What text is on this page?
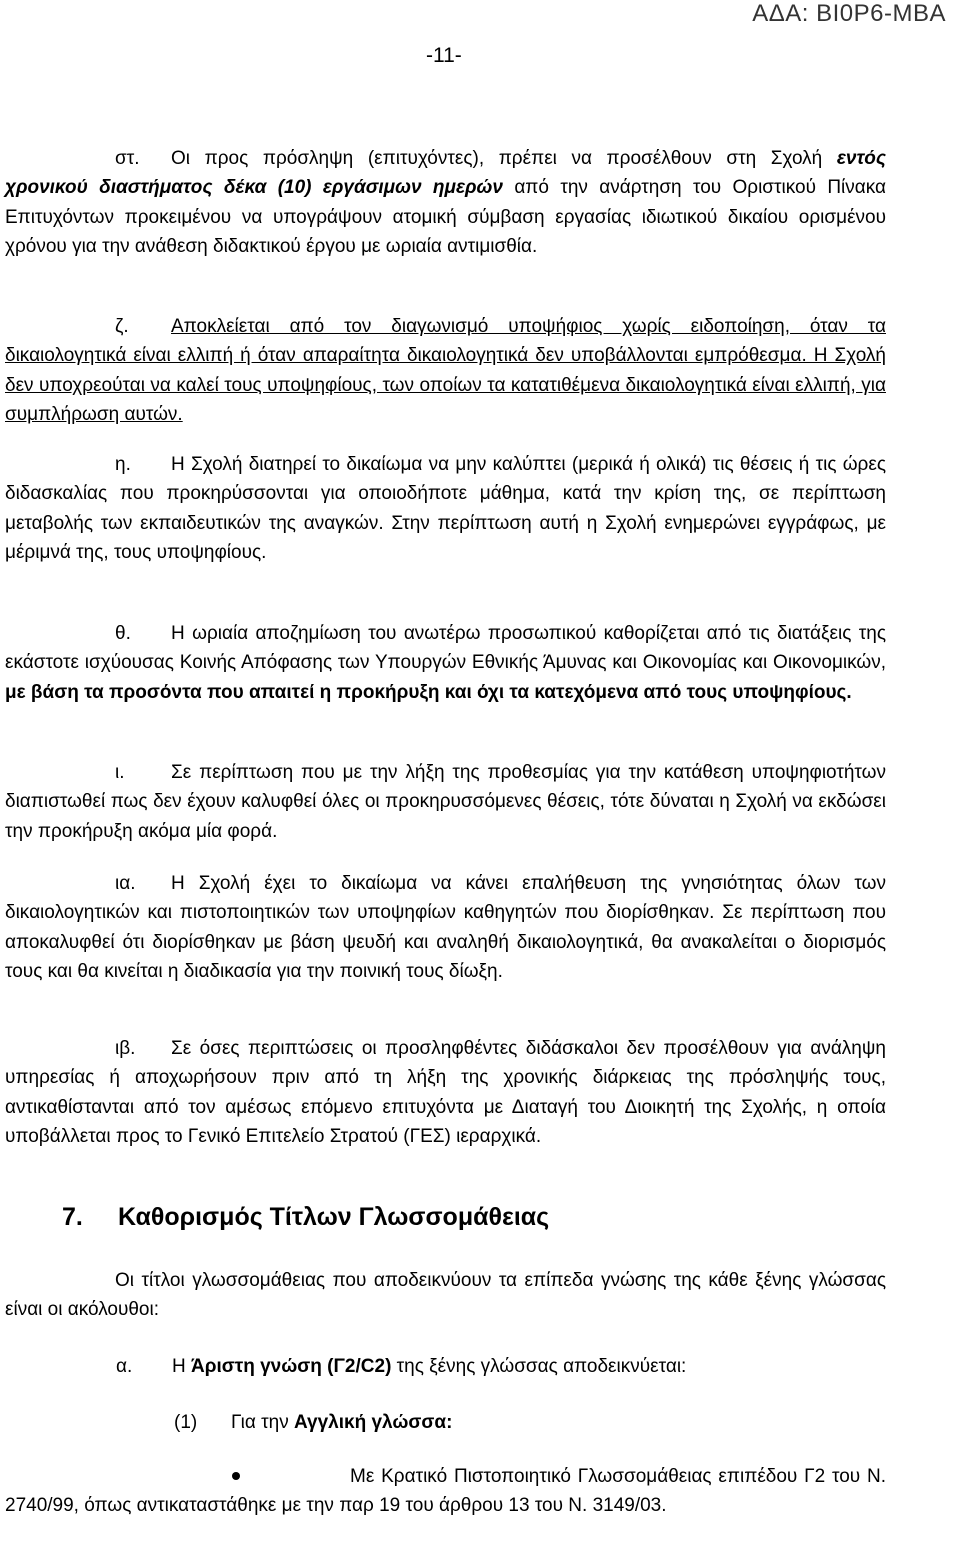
ΑΔΑ: ΒΙ0Ρ6-ΜΒΑ
-11-

στ. Οι προς πρόσληψη (επιτυχόντες), πρέπει να προσέλθουν στη Σχολή εντός χρονικού διαστήματος δέκα (10) εργάσιμων ημερών από την ανάρτηση του Οριστικού Πίνακα Επιτυχόντων προκειμένου να υπογράψουν ατομική σύμβαση εργασίας ιδιωτικού δικαίου ορισμένου χρόνου για την ανάθεση διδακτικού έργου με ωριαία αντιμισθία.

ζ. Αποκλείεται από τον διαγωνισμό υποψήφιος χωρίς ειδοποίηση, όταν τα δικαιολογητικά είναι ελλιπή ή όταν απαραίτητα δικαιολογητικά δεν υποβάλλονται εμπρόθεσμα. Η Σχολή δεν υποχρεούται να καλεί τους υποψηφίους, των οποίων τα κατατιθέμενα δικαιολογητικά είναι ελλιπή, για συμπλήρωση αυτών.

η. Η Σχολή διατηρεί το δικαίωμα να μην καλύπτει (μερικά ή ολικά) τις θέσεις ή τις ώρες διδασκαλίας που προκηρύσσονται για οποιοδήποτε μάθημα, κατά την κρίση της, σε περίπτωση μεταβολής των εκπαιδευτικών της αναγκών. Στην περίπτωση αυτή η Σχολή ενημερώνει εγγράφως, με μέριμνά της, τους υποψηφίους.

θ. Η ωριαία αποζημίωση του ανωτέρω προσωπικού καθορίζεται από τις διατάξεις της εκάστοτε ισχύουσας Κοινής Απόφασης των Υπουργών Εθνικής Άμυνας και Οικονομίας και Οικονομικών, με βάση τα προσόντα που απαιτεί η προκήρυξη και όχι τα κατεχόμενα από τους υποψηφίους.

ι. Σε περίπτωση που με την λήξη της προθεσμίας για την κατάθεση υποψηφιοτήτων διαπιστωθεί πως δεν έχουν καλυφθεί όλες οι προκηρυσσόμενες θέσεις, τότε δύναται η Σχολή να εκδώσει την προκήρυξη ακόμα μία φορά.

ια. Η Σχολή έχει το δικαίωμα να κάνει επαλήθευση της γνησιότητας όλων των δικαιολογητικών και πιστοποιητικών των υποψηφίων καθηγητών που διορίσθηκαν. Σε περίπτωση που αποκαλυφθεί ότι διορίσθηκαν με βάση ψευδή και αναληθή δικαιολογητικά, θα ανακαλείται ο διορισμός τους και θα κινείται η διαδικασία για την ποινική τους δίωξη.

ιβ. Σε όσες περιπτώσεις οι προσληφθέντες διδάσκαλοι δεν προσέλθουν για ανάληψη υπηρεσίας ή αποχωρήσουν πριν από τη λήξη της χρονικής διάρκειας της πρόσληψής τους, αντικαθίστανται από τον αμέσως επόμενο επιτυχόντα με Διαταγή του Διοικητή της Σχολής, η οποία υποβάλλεται προς το Γενικό Επιτελείο Στρατού (ΓΕΣ) ιεραρχικά.

7. Καθορισμός Τίτλων Γλωσσομάθειας

Οι τίτλοι γλωσσομάθειας που αποδεικνύουν τα επίπεδα γνώσης της κάθε ξένης γλώσσας είναι οι ακόλουθοι:

α. Η Άριστη γνώση (Γ2/C2) της ξένης γλώσσας αποδεικνύεται:
(1) Για την Αγγλική γλώσσα:

Με Κρατικό Πιστοποιητικό Γλωσσομάθειας επιπέδου Γ2 του Ν. 2740/99, όπως αντικαταστάθηκε με την παρ 19 του άρθρου 13 του Ν. 3149/03.
